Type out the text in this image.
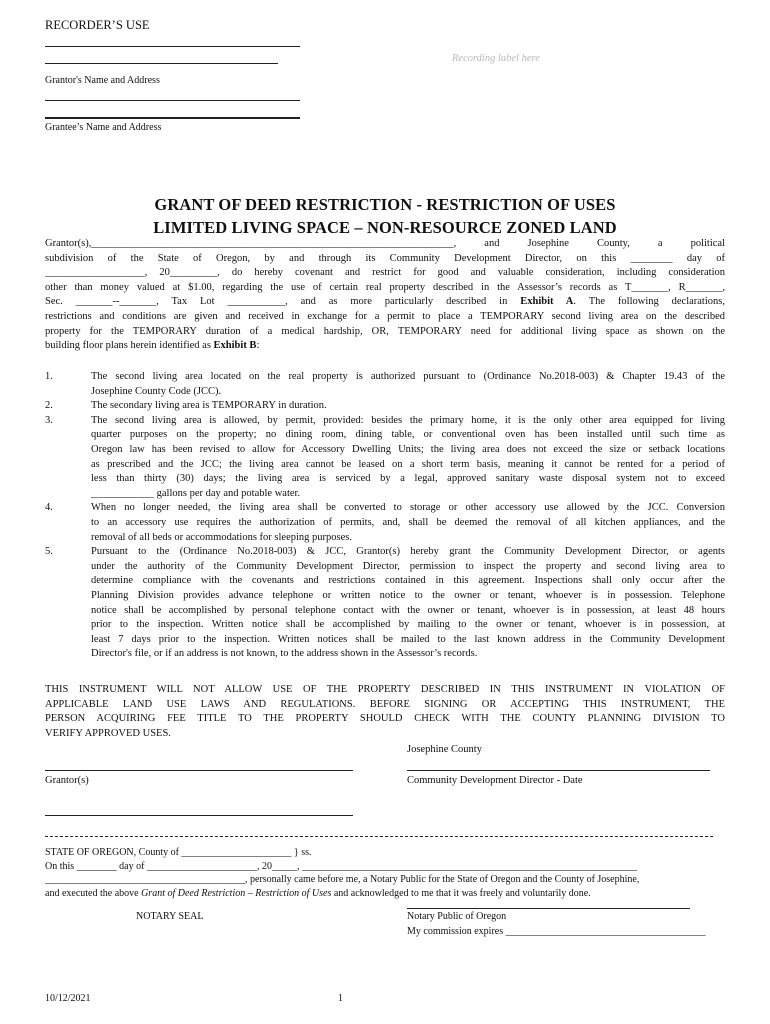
RECORDER’S USE
Recording label here
Grantor's Name and Address
Grantee’s Name and Address
GRANT OF DEED RESTRICTION - RESTRICTION OF USES
LIMITED LIVING SPACE – NON-RESOURCE ZONED LAND
Grantor(s),_____________________________________________________________________, and Josephine County, a political
subdivision of the State of Oregon, by and through its Community Development Director, on this ________ day of
___________________, 20_________, do hereby covenant and restrict for good and valuable consideration, including consideration
other than money valued at $1.00, regarding the use of certain real property described in the Assessor’s records as T_______, R_______,
Sec. _______--_______, Tax Lot ___________, and as more particularly described in Exhibit A. The following declarations,
restrictions and conditions are given and received in exchange for a permit to place a TEMPORARY second living area on the described
property for the TEMPORARY duration of a medical hardship, OR, TEMPORARY need for additional living space as shown on the
building floor plans herein identified as Exhibit B:
1.	The second living area located on the real property is authorized pursuant to (Ordinance No.2018-003) & Chapter 19.43 of the
Josephine County Code (JCC).
2.	The secondary living area is TEMPORARY in duration.
3.	The second living area is allowed, by permit, provided: besides the primary home, it is the only other area equipped for living
quarter purposes on the property; no dining room, dining table, or conventional oven has been installed until such time as
Oregon law has been revised to allow for Accessory Dwelling Units; the living area does not exceed the size or setback locations
as prescribed and the JCC; the living area cannot be leased on a short term basis, meaning it cannot be rented for a period of
less than thirty (30) days; the living area is serviced by a legal, approved sanitary waste disposal system not to exceed
____________ gallons per day and potable water.
4.	When no longer needed, the living area shall be converted to storage or other accessory use allowed by the JCC. Conversion
to an accessory use requires the authorization of permits, and, shall be deemed the removal of all kitchen appliances, and the
removal of all beds or accommodations for sleeping purposes.
5.	Pursuant to the (Ordinance No.2018-003) & JCC, Grantor(s) hereby grant the Community Development Director, or agents
under the authority of the Community Development Director, permission to inspect the property and second living area to
determine compliance with the covenants and restrictions contained in this agreement. Inspections shall only occur after the
Planning Division provides advance telephone or written notice to the owner or tenant, whoever is in possession. Telephone
notice shall be accomplished by personal telephone contact with the owner or tenant, whoever is in possession, at least 48 hours
prior to the inspection. Written notice shall be accomplished by mailing to the owner or tenant, whoever is in possession, at
least 7 days prior to the inspection. Written notices shall be mailed to the last known address in the Community Development
Director's file, or if an address is not known, to the address shown in the Assessor’s records.
THIS INSTRUMENT WILL NOT ALLOW USE OF THE PROPERTY DESCRIBED IN THIS INSTRUMENT IN VIOLATION OF
APPLICABLE LAND USE LAWS AND REGULATIONS. BEFORE SIGNING OR ACCEPTING THIS INSTRUMENT, THE
PERSON ACQUIRING FEE TITLE TO THE PROPERTY SHOULD CHECK WITH THE COUNTY PLANNING DIVISION TO
VERIFY APPROVED USES.
Josephine County
Grantor(s)	Community Development Director - Date
STATE OF OREGON, County of ______________________ } ss.
On this ________ day of ______________________, 20_____, ___________________________________________________________________
________________________________________, personally came before me, a Notary Public for the State of Oregon and the County of Josephine,
and executed the above Grant of Deed Restriction – Restriction of Uses and acknowledged to me that it was freely and voluntarily done.
NOTARY SEAL	Notary Public of Oregon
My commission expires ________________________________________
10/12/2021	1
